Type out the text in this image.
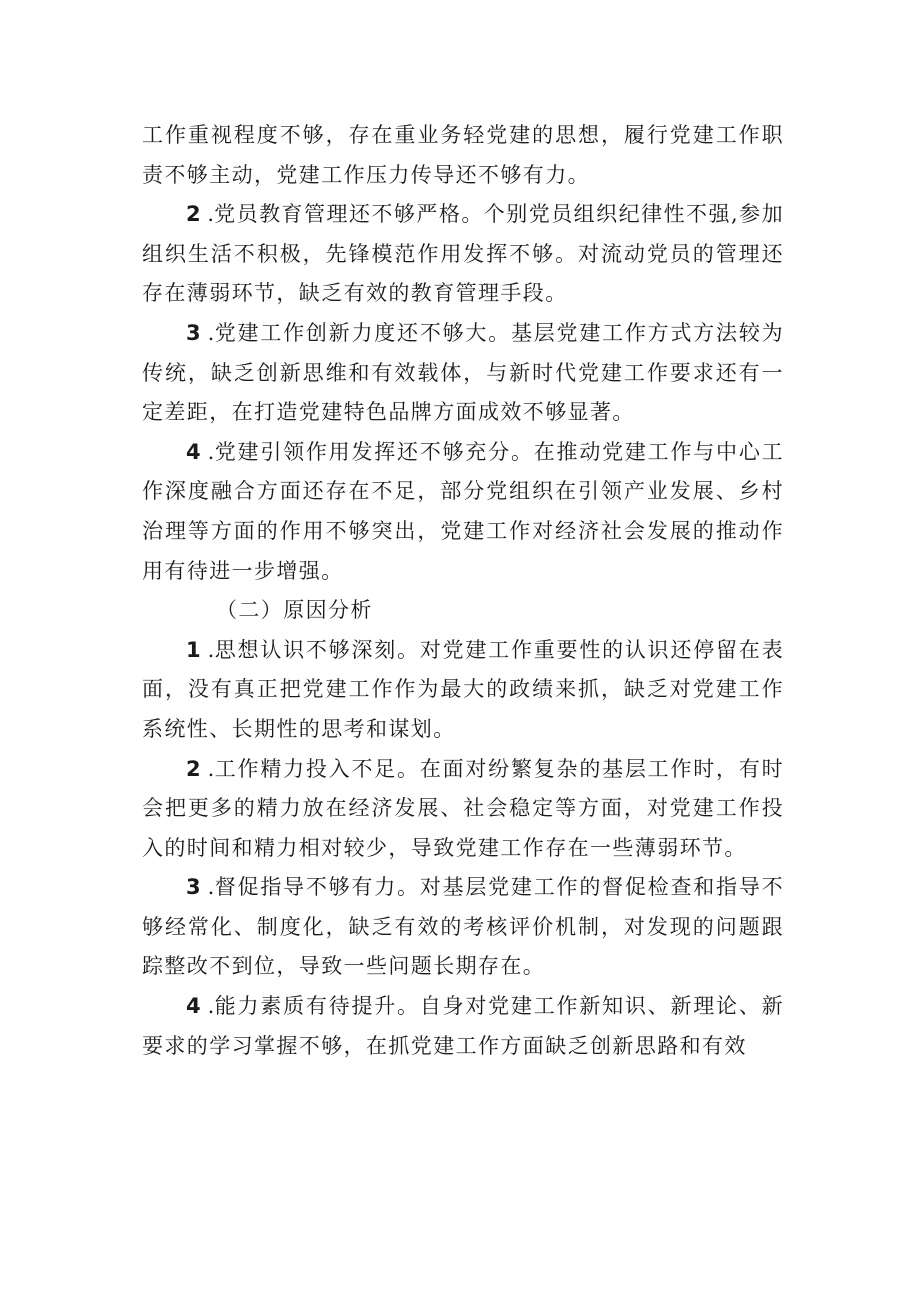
工作重视程度不够，存在重业务轻党建的思想，履行党建工作职责不够主动，党建工作压力传导还不够有力。

2 .党员教育管理还不够严格。个别党员组织纪律性不强,参加组织生活不积极，先锋模范作用发挥不够。对流动党员的管理还存在薄弱环节，缺乏有效的教育管理手段。

3 .党建工作创新力度还不够大。基层党建工作方式方法较为传统，缺乏创新思维和有效载体，与新时代党建工作要求还有一定差距，在打造党建特色品牌方面成效不够显著。

4 .党建引领作用发挥还不够充分。在推动党建工作与中心工作深度融合方面还存在不足，部分党组织在引领产业发展、乡村治理等方面的作用不够突出，党建工作对经济社会发展的推动作用有待进一步增强。

（二）原因分析

1 .思想认识不够深刻。对党建工作重要性的认识还停留在表面，没有真正把党建工作作为最大的政绩来抓，缺乏对党建工作系统性、长期性的思考和谋划。

2 .工作精力投入不足。在面对纷繁复杂的基层工作时，有时会把更多的精力放在经济发展、社会稳定等方面，对党建工作投入的时间和精力相对较少，导致党建工作存在一些薄弱环节。

3 .督促指导不够有力。对基层党建工作的督促检查和指导不够经常化、制度化，缺乏有效的考核评价机制，对发现的问题跟踪整改不到位，导致一些问题长期存在。

4 .能力素质有待提升。自身对党建工作新知识、新理论、新要求的学习掌握不够，在抓党建工作方面缺乏创新思路和有效
